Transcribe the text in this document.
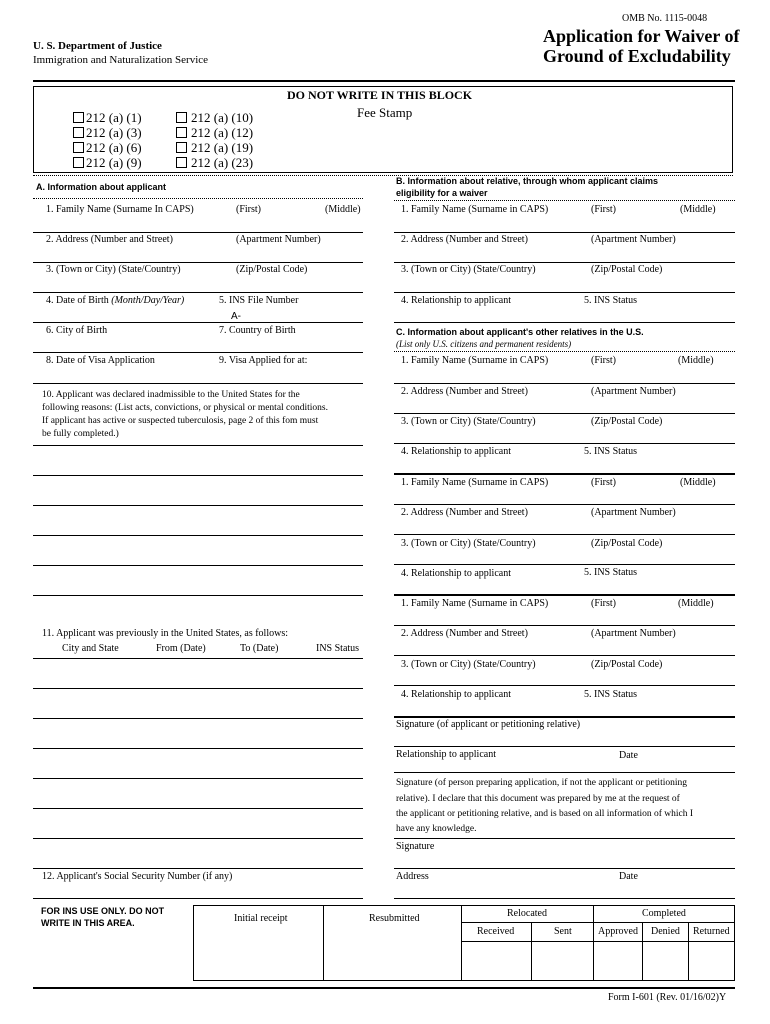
OMB No. 1115-0048
U. S. Department of Justice
Immigration and Naturalization Service
Application for Waiver of
Ground of Excludability
DO NOT WRITE IN THIS BLOCK
Fee Stamp
212 (a) (1)
212 (a) (3)
212 (a) (6)
212 (a) (9)
212 (a) (10)
212 (a) (12)
212 (a) (19)
212 (a) (23)
A. Information about applicant
1. Family Name (Surname In CAPS)	(First)	(Middle)
2. Address (Number and Street)	(Apartment Number)
3. (Town or City) (State/Country)	(Zip/Postal Code)
4. Date of Birth (Month/Day/Year)	5. INS File Number
A-
6. City of Birth	7. Country of Birth
8. Date of Visa Application	9. Visa Applied for at:
10. Applicant was declared inadmissible to the United States for the
following reasons: (List acts, convictions, or physical or mental conditions.
If applicant has active or suspected tuberculosis, page 2 of this fom must
be fully completed.)
11. Applicant was previously in the United States, as follows:
City and State	From (Date)	To (Date)	INS Status
12. Applicant's Social Security Number (if any)
B. Information about relative, through whom applicant claims
eligibility for a waiver
1. Family Name (Surname in CAPS)	(First)	(Middle)
2. Address (Number and Street)	(Apartment Number)
3. (Town or City) (State/Country)	(Zip/Postal Code)
4. Relationship to applicant	5. INS Status
C. Information about applicant's other relatives in the U.S.
(List only U.S. citizens and permanent residents)
1. Family Name (Surname in CAPS)	(First)	(Middle)
2. Address (Number and Street)	(Apartment Number)
3. (Town or City) (State/Country)	(Zip/Postal Code)
4. Relationship to applicant	5. INS Status
1. Family Name (Surname in CAPS)	(First)	(Middle)
2. Address (Number and Street)	(Apartment Number)
3. (Town or City) (State/Country)	(Zip/Postal Code)
4. Relationship to applicant	5. INS Status
1. Family Name (Surname in CAPS)	(First)	(Middle)
2. Address (Number and Street)	(Apartment Number)
3. (Town or City) (State/Country)	(Zip/Postal Code)
4. Relationship to applicant	5. INS Status
Signature (of applicant or petitioning relative)
Relationship to applicant	Date
Signature (of person preparing application, if not the applicant or petitioning
relative). I declare that this document was prepared by me at the request of
the applicant or petitioning relative, and is based on all information of which I
have any knowledge.
Signature
Address	Date
FOR INS USE ONLY. DO NOT
WRITE IN THIS AREA.	Initial receipt	Resubmitted	Relocated
Received	Sent
Completed
Approved Denied Returned
Form I-601 (Rev. 01/16/02)Y
